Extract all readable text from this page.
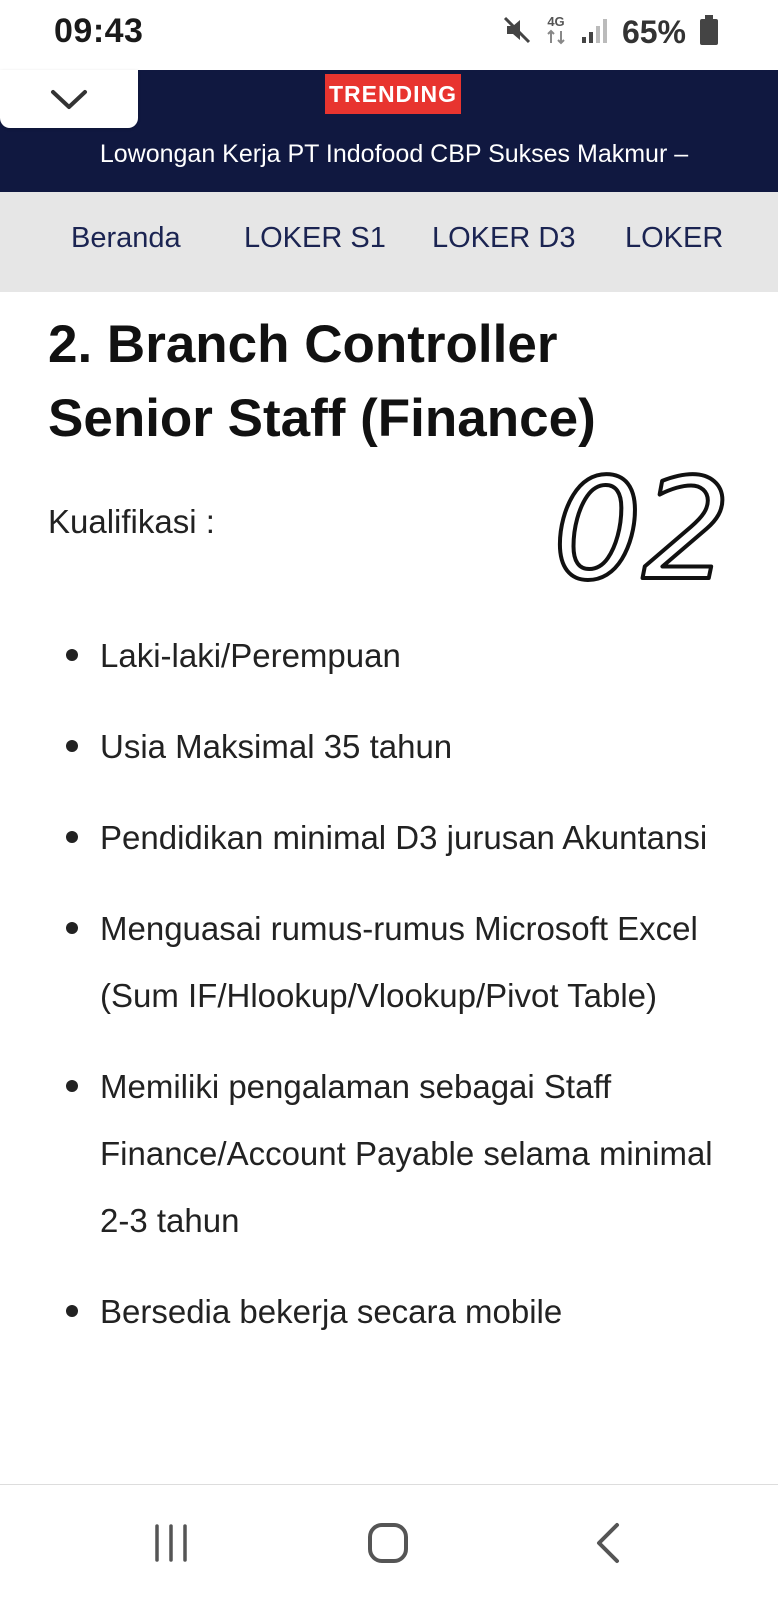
09:43	4G 65%
TRENDING
Lowongan Kerja PT Indofood CBP Sukses Makmur –
Beranda LOKER S1 LOKER D3 LOKER
2. Branch Controller Senior Staff (Finance)
Kualifikasi : 02
Laki-laki/Perempuan
Usia Maksimal 35 tahun
Pendidikan minimal D3 jurusan Akuntansi
Menguasai rumus-rumus Microsoft Excel (Sum IF/Hlookup/Vlookup/Pivot Table)
Memiliki pengalaman sebagai Staff Finance/Account Payable selama minimal 2-3 tahun
Bersedia bekerja secara mobile
